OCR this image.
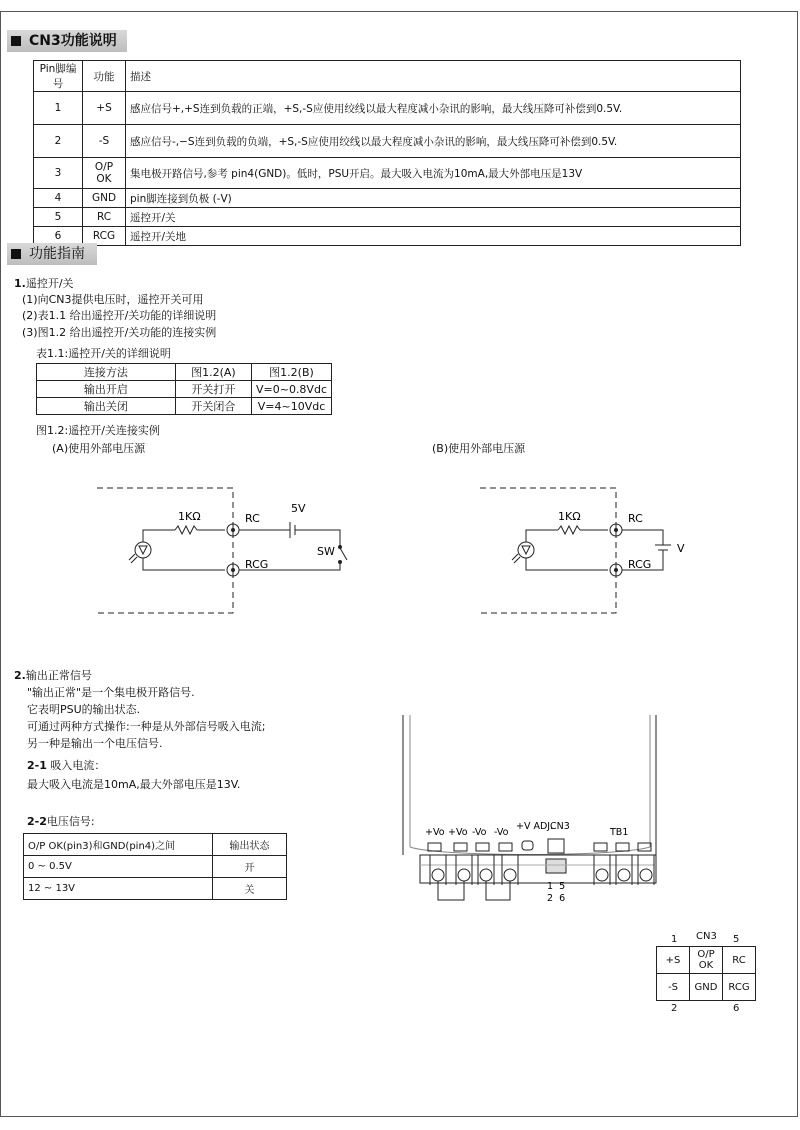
CN3功能说明
Pin脚编号	功能	描述
1	+S	感应信号+,+S连到负载的正端，+S,-S应使用绞线以最大程度减小杂讯的影响，最大线压降可补偿到0.5V.
2	-S	感应信号-,−S连到负载的负端，+S,-S应使用绞线以最大程度减小杂讯的影响，最大线压降可补偿到0.5V.
3	O/P OK	集电极开路信号,参考 pin4(GND)。低时，PSU开启。最大吸入电流为10mA,最大外部电压是13V
4	GND	pin脚连接到负极 (-V)
5	RC	遥控开/关
6	RCG	遥控开/关地
功能指南
1.遥控开/关
(1)向CN3提供电压时，遥控开关可用
(2)表1.1 给出遥控开/关功能的详细说明
(3)图1.2 给出遥控开/关功能的连接实例
表1.1:遥控开/关的详细说明
连接方法	图1.2(A)	图1.2(B)
输出开启	开关打开	V=0~0.8Vdc
输出关闭	开关闭合	V=4~10Vdc
图1.2:遥控开/关连接实例
(A)使用外部电压源	(B)使用外部电压源
1KΩ	RC
RCG
5V
SW
1KΩ	RC
RCG
V
2.输出正常信号
"输出正常"是一个集电极开路信号.
它表明PSU的输出状态.
可通过两种方式操作:一种是从外部信号吸入电流;
另一种是输出一个电压信号.
2-1 吸入电流：
最大吸入电流是10mA,最大外部电压是13V.
2-2电压信号:
O/P OK(pin3)和GND(pin4)之间	输出状态
0 ~ 0.5V	开
12 ~ 13V	关
+Vo +Vo -Vo -Vo
+V ADJ.
CN3
TB1
1  5
2  6
1 CN3 5
+S	O/P OK	RC
-S	GND	RCG
2	6
